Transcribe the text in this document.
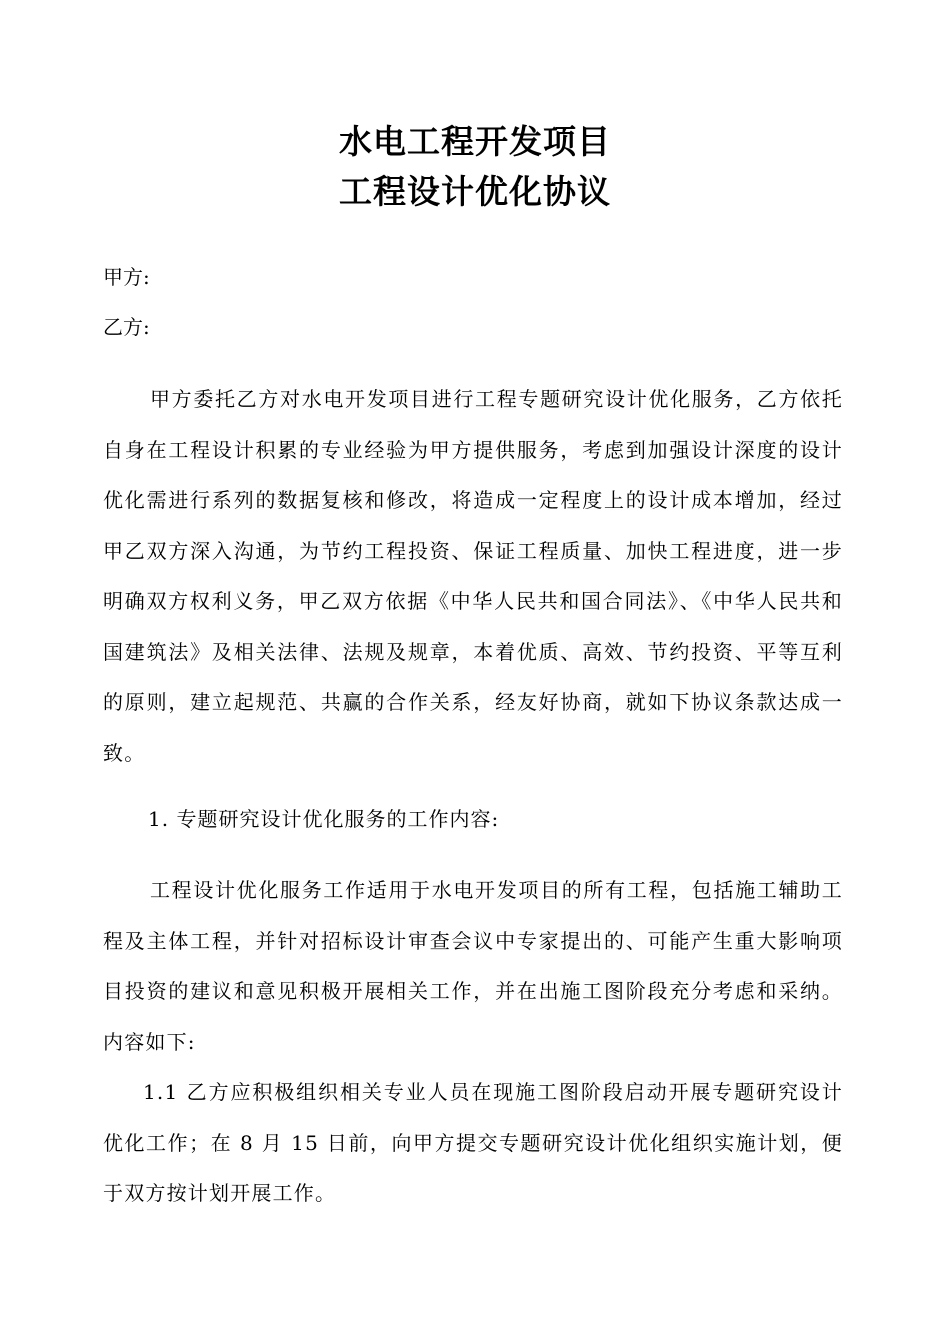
水电工程开发项目
工程设计优化协议
甲方:
乙方:

甲方委托乙方对水电开发项目进行工程专题研究设计优化服务，乙方依托自身在工程设计积累的专业经验为甲方提供服务，考虑到加强设计深度的设计优化需进行系列的数据复核和修改，将造成一定程度上的设计成本增加，经过甲乙双方深入沟通，为节约工程投资、保证工程质量、加快工程进度，进一步明确双方权利义务，甲乙双方依据《中华人民共和国合同法》、《中华人民共和国建筑法》及相关法律、法规及规章，本着优质、高效、节约投资、平等互利的原则，建立起规范、共赢的合作关系，经友好协商，就如下协议条款达成一致。

1. 专题研究设计优化服务的工作内容:

工程设计优化服务工作适用于水电开发项目的所有工程，包括施工辅助工程及主体工程，并针对招标设计审查会议中专家提出的、可能产生重大影响项目投资的建议和意见积极开展相关工作，并在出施工图阶段充分考虑和采纳。内容如下:

1.1 乙方应积极组织相关专业人员在现施工图阶段启动开展专题研究设计优化工作；在 8 月 15 日前，向甲方提交专题研究设计优化组织实施计划，便于双方按计划开展工作。
